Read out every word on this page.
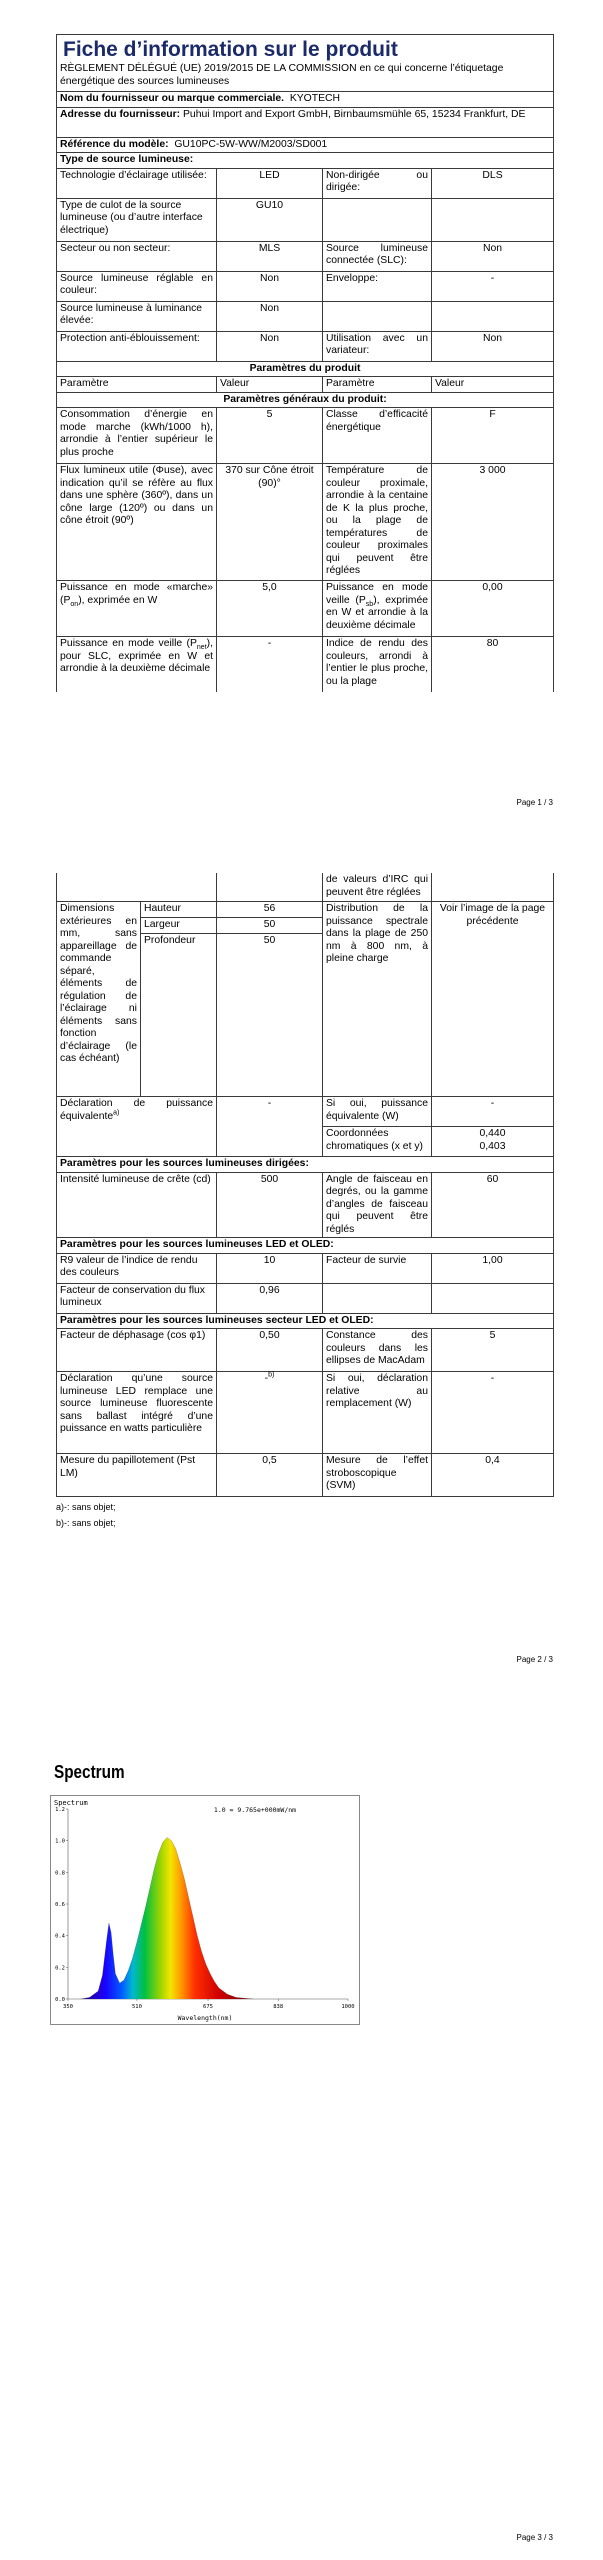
Fiche d’information sur le produit
RÈGLEMENT DÉLÉGUÉ (UE) 2019/2015 DE LA COMMISSION en ce qui concerne l’étiquetage énergétique des sources lumineuses			

Nom du fournisseur ou marque commerciale. KYOTECH			
Adresse du fournisseur: Puhui Import and Export GmbH, Birnbaumsmühle 65, 15234 Frankfurt, DE			
Référence du modèle: GU10PC-5W-WW/M2003/SD001			
Type de source lumineuse:			
Technologie d’éclairage utilisée:	LED	Non-dirigée ou dirigée:	DLS
Type de culot de la source lumineuse (ou d’autre interface électrique)	GU10		
Secteur ou non secteur:	MLS	Source lumineuse connectée (SLC):	Non
Source lumineuse réglable en couleur:	Non	Enveloppe:	-
Source lumineuse à luminance élevée:	Non		
Protection anti-éblouissement:	Non	Utilisation avec un variateur:	Non
Paramètres du produit			
Paramètre	Valeur	Paramètre	Valeur
Paramètres généraux du produit:			
Consommation d’énergie en mode marche (kWh/1000 h), arrondie à l’entier supérieur le plus proche	5	Classe d’efficacité énergétique	F
Flux lumineux utile (Φuse), avec indication qu’il se réfère au flux dans une sphère (360º), dans un cône large (120º) ou dans un cône étroit (90º)	370 sur Cône étroit (90)°	Température de couleur proximale, arrondie à la centaine de K la plus proche, ou la plage de températures de couleur proximales qui peuvent être réglées	3 000
Puissance en mode «marche» $(P_{on})$, exprimée en W	5,0	Puissance en mode veille $(P_{sb})$, exprimée en W et arrondie à la deuxième décimale	0,00
Puissance en mode veille $(P_{net})$, pour SLC, exprimée en W et arrondie à la deuxième décimale	-	Indice de rendu des couleurs, arrondi à l’entier le plus proche, ou la plage	80
Page 1 / 3
			de valeurs d’IRC qui peuvent être réglées	
Dimensions extérieures en mm, sans appareillage de commande séparé, éléments de régulation de l’éclairage ni éléments sans fonction d’éclairage (le cas échéant)	Hauteur	56	Distribution de la puissance spectrale dans la plage de 250 nm à 800 nm, à pleine charge	Voir l’image de la page précédente
	Largeur	50		
	Profondeur	50		
Déclaration de puissance équivalente$^{a)}$		-	Si oui, puissance équivalente (W)	-
			Coordonnées chromatiques (x et y)	0,440
0,403

Paramètres pour les sources lumineuses dirigées:				
Intensité lumineuse de crête (cd)		500	Angle de faisceau en degrés, ou la gamme d’angles de faisceau qui peuvent être réglés	60
Paramètres pour les sources lumineuses LED et OLED:				
R9 valeur de l’indice de rendu des couleurs		10	Facteur de survie	1,00
Facteur de conservation du flux lumineux		0,96		
Paramètres pour les sources lumineuses secteur LED et OLED:				
Facteur de déphasage (cos φ1)		0,50	Constance des couleurs dans les ellipses de MacAdam	5
Déclaration qu’une source lumineuse LED remplace une source lumineuse fluorescente sans ballast intégré d’une puissance en watts particulière		-$^{b)}$	Si oui, déclaration relative au remplacement (W)	-
Mesure du papillotement (Pst LM)		0,5	Mesure de l’effet stroboscopique (SVM)	0,4
a)-: sans objet;
b)-: sans objet;
Page 2 / 3
Spectrum
Spectrum
1.0 = 9.765e+000mW/nm
0.0
0.2
0.4
0.6
0.8
1.0
1.2
350	510	675	838	1000
Wavelength(nm)
Page 3 / 3
